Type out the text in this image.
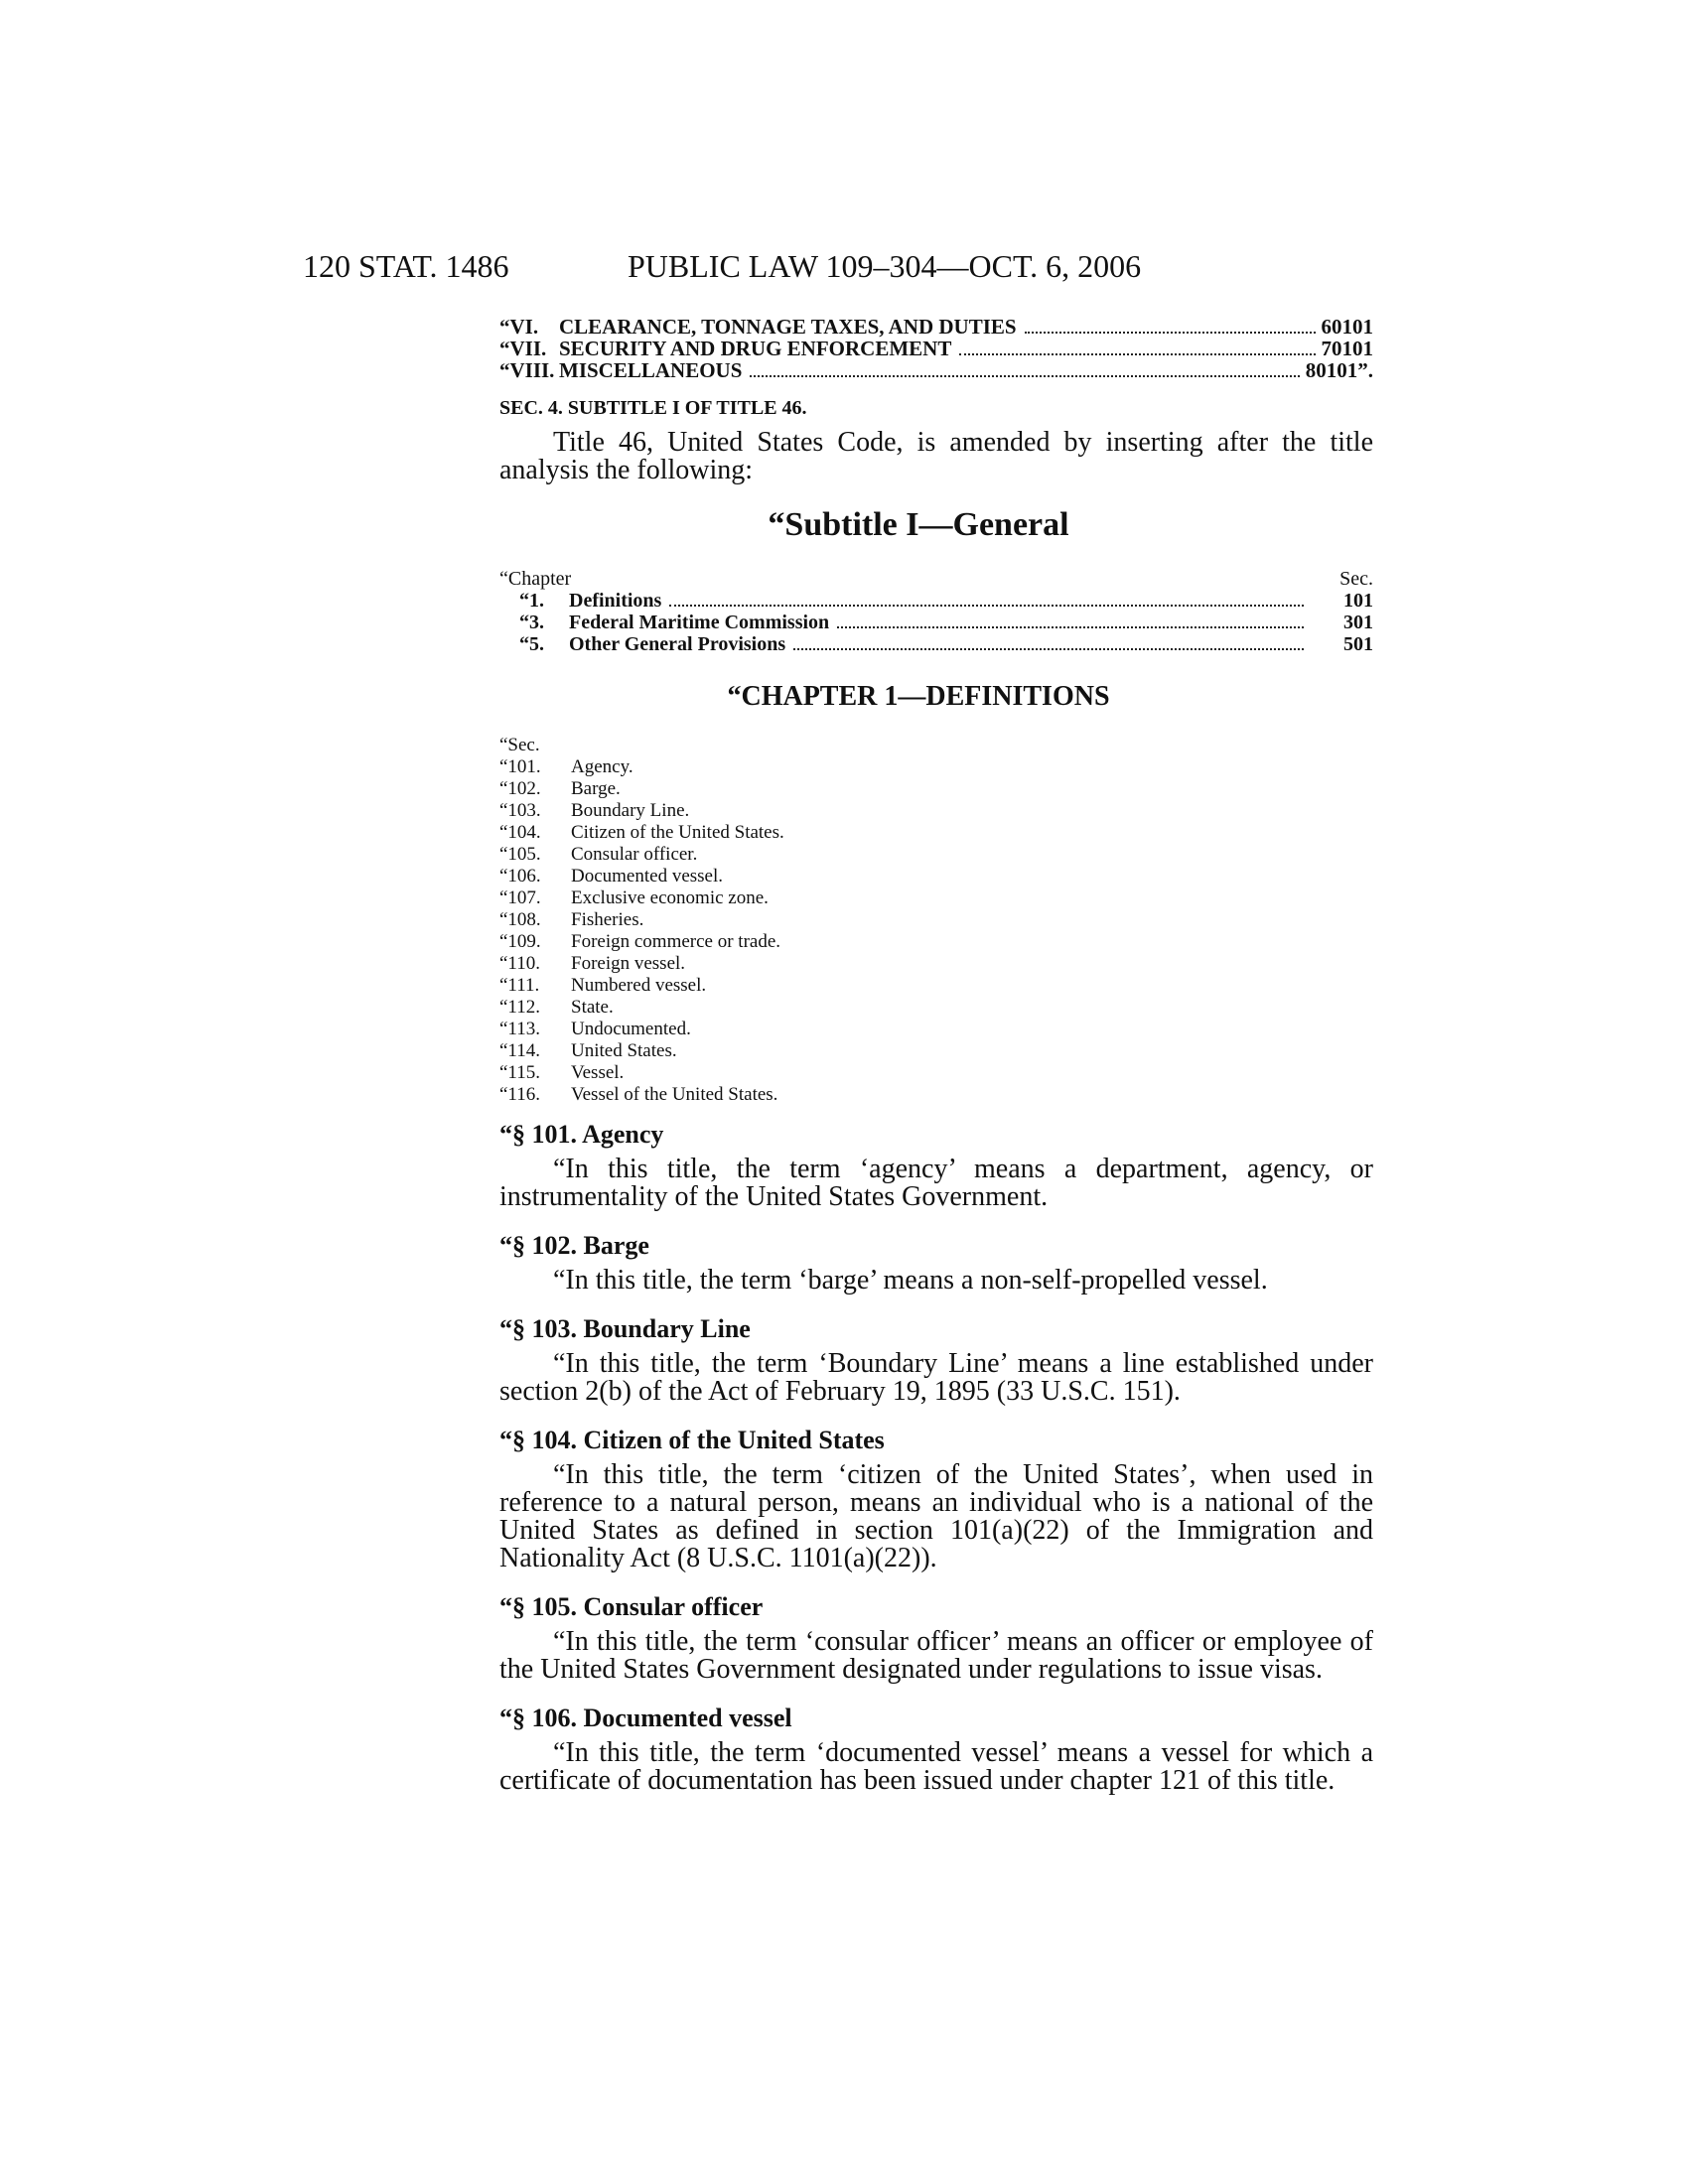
120 STAT. 1486	PUBLIC LAW 109–304—OCT. 6, 2006
“VI. CLEARANCE, TONNAGE TAXES, AND DUTIES	60101
“VII. SECURITY AND DRUG ENFORCEMENT	70101
“VIII. MISCELLANEOUS	80101”.
SEC. 4. SUBTITLE I OF TITLE 46.
Title 46, United States Code, is amended by inserting after the title analysis the following:
“Subtitle I—General
“Chapter	Sec.
“1.	Definitions	101
“3.	Federal Maritime Commission	301
“5.	Other General Provisions	501
“CHAPTER 1—DEFINITIONS
“Sec.
“101.	Agency.
“102.	Barge.
“103.	Boundary Line.
“104.	Citizen of the United States.
“105.	Consular officer.
“106.	Documented vessel.
“107.	Exclusive economic zone.
“108.	Fisheries.
“109.	Foreign commerce or trade.
“110.	Foreign vessel.
“111.	Numbered vessel.
“112.	State.
“113.	Undocumented.
“114.	United States.
“115.	Vessel.
“116.	Vessel of the United States.
“§ 101. Agency
“In this title, the term ‘agency’ means a department, agency, or instrumentality of the United States Government.
“§ 102. Barge
“In this title, the term ‘barge’ means a non-self-propelled vessel.
“§ 103. Boundary Line
“In this title, the term ‘Boundary Line’ means a line established under section 2(b) of the Act of February 19, 1895 (33 U.S.C. 151).
“§ 104. Citizen of the United States
“In this title, the term ‘citizen of the United States’, when used in reference to a natural person, means an individual who is a national of the United States as defined in section 101(a)(22) of the Immigration and Nationality Act (8 U.S.C. 1101(a)(22)).
“§ 105. Consular officer
“In this title, the term ‘consular officer’ means an officer or employee of the United States Government designated under regulations to issue visas.
“§ 106. Documented vessel
“In this title, the term ‘documented vessel’ means a vessel for which a certificate of documentation has been issued under chapter 121 of this title.
